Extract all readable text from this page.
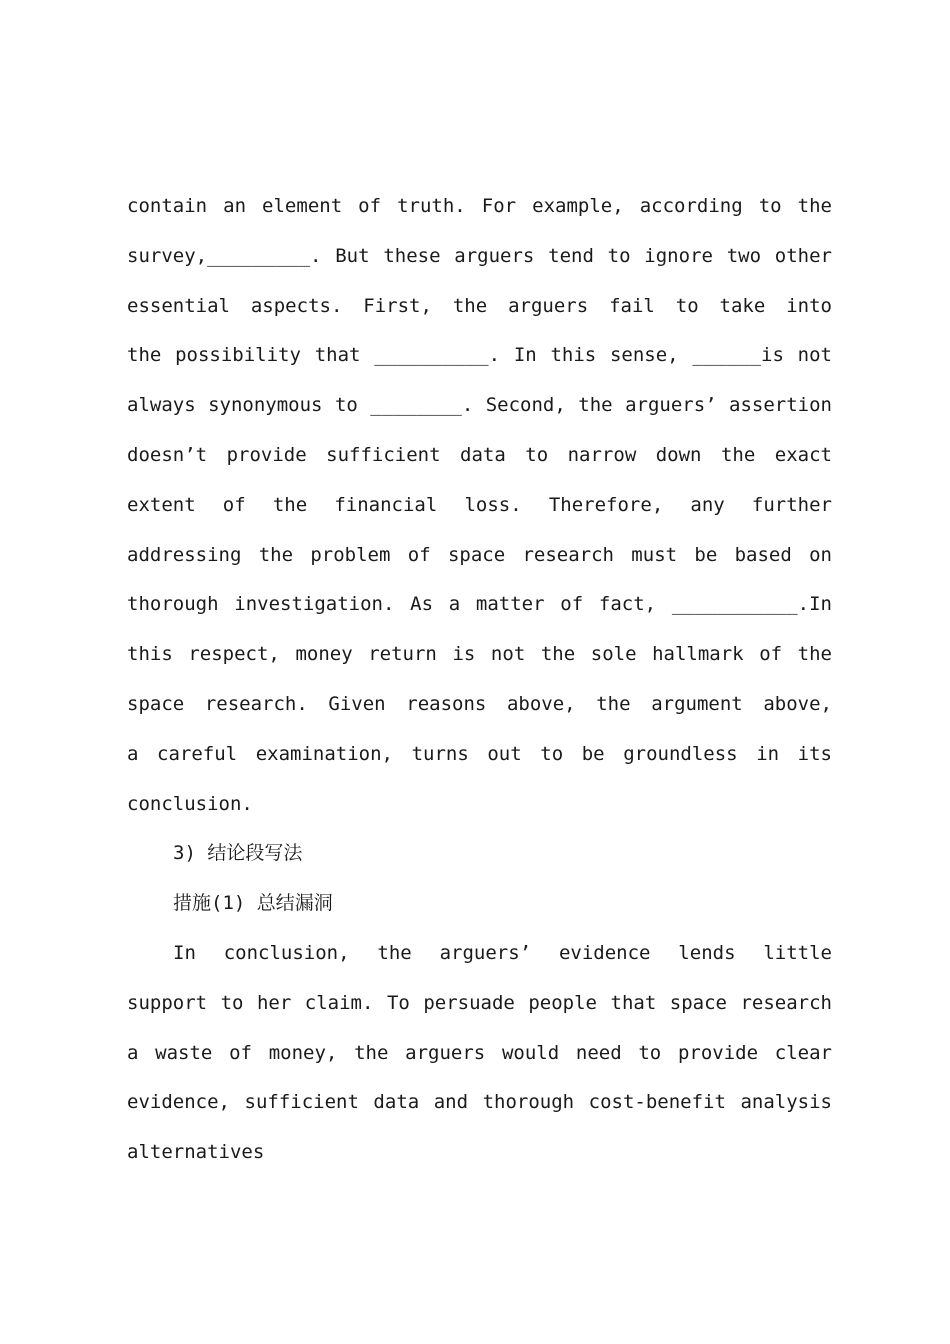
contain an element of truth. For example, according to the
survey,_________. But these arguers tend to ignore two other
essential aspects. First, the arguers fail to take into
the possibility that __________. In this sense, ______is not
always synonymous to ________. Second, the arguers’ assertion
doesn’t provide sufficient data to narrow down the exact
extent of the financial loss. Therefore, any further
addressing the problem of space research must be based on
thorough investigation. As a matter of fact, ___________.In
this respect, money return is not the sole hallmark of the
space research. Given reasons above, the argument above,
a careful examination, turns out to be groundless in its
conclusion.
3) 结论段写法
措施(1) 总结漏洞
In conclusion, the arguers’ evidence lends little
support to her claim. To persuade people that space research
a waste of money, the arguers would need to provide clear
evidence, sufficient data and thorough cost-benefit analysis
alternatives
